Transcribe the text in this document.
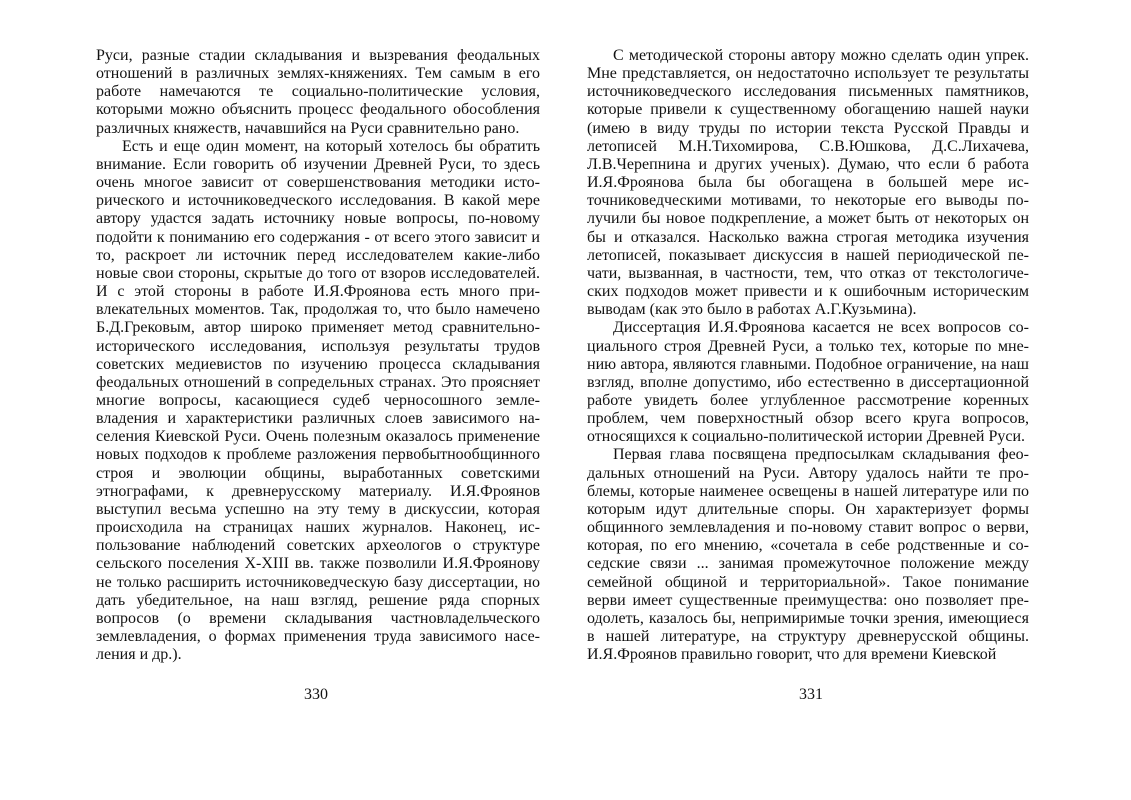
Руси, разные стадии складывания и вызревания феодальных отношений в различных землях-княжениях. Тем самым в его работе намечаются те социально-политические условия, которыми можно объяснить процесс феодального обособления различных княжеств, начавшийся на Руси сравнительно рано.

Есть и еще один момент, на который хотелось бы обратить внимание. Если говорить об изучении Древней Руси, то здесь очень многое зависит от совершенствования методики исторического и источниковедческого исследования. В какой мере автору удастся задать источнику новые вопросы, по-новому подойти к пониманию его содержания - от всего этого зависит и то, раскроет ли источник перед исследователем какие-либо новые свои стороны, скрытые до того от взоров исследователей. И с этой стороны в работе И.Я.Фроянова есть много привлекательных моментов. Так, продолжая то, что было намечено Б.Д.Грековым, автор широко применяет метод сравнительно-исторического исследования, используя результаты трудов советских медиевистов по изучению процесса складывания феодальных отношений в сопредельных странах. Это проясняет многие вопросы, касающиеся судеб черносошного землевладения и характеристики различных слоев зависимого населения Киевской Руси. Очень полезным оказалось применение новых подходов к проблеме разложения первобытнообщинного строя и эволюции общины, выработанных советскими этнографами, к древнерусскому материалу. И.Я.Фроянов выступил весьма успешно на эту тему в дискуссии, которая происходила на страницах наших журналов. Наконец, использование наблюдений советских археологов о структуре сельского поселения X-XIII вв. также позволили И.Я.Фроянову не только расширить источниковедческую базу диссертации, но дать убедительное, на наш взгляд, решение ряда спорных вопросов (о времени складывания частновладельческого землевладения, о формах применения труда зависимого населения и др.).

330

С методической стороны автору можно сделать один упрек. Мне представляется, он недостаточно использует те результаты источниковедческого исследования письменных памятников, которые привели к существенному обогащению нашей науки (имею в виду труды по истории текста Русской Правды и летописей М.Н.Тихомирова, С.В.Юшкова, Д.С.Лихачева, Л.В.Черепнина и других ученых). Думаю, что если б работа И.Я.Фроянова была бы обогащена в большей мере источниковедческими мотивами, то некоторые его выводы получили бы новое подкрепление, а может быть от некоторых он бы и отказался. Насколько важна строгая методика изучения летописей, показывает дискуссия в нашей периодической печати, вызванная, в частности, тем, что отказ от текстологических подходов может привести и к ошибочным историческим выводам (как это было в работах А.Г.Кузьмина).

Диссертация И.Я.Фроянова касается не всех вопросов социального строя Древней Руси, а только тех, которые по мнению автора, являются главными. Подобное ограничение, на наш взгляд, вполне допустимо, ибо естественно в диссертационной работе увидеть более углубленное рассмотрение коренных проблем, чем поверхностный обзор всего круга вопросов, относящихся к социально-политической истории Древней Руси.

Первая глава посвящена предпосылкам складывания феодальных отношений на Руси. Автору удалось найти те проблемы, которые наименее освещены в нашей литературе или по которым идут длительные споры. Он характеризует формы общинного землевладения и по-новому ставит вопрос о верви, которая, по его мнению, «сочетала в себе родственные и соседские связи ... занимая промежуточное положение между семейной общиной и территориальной». Такое понимание верви имеет существенные преимущества: оно позволяет преодолеть, казалось бы, непримиримые точки зрения, имеющиеся в нашей литературе, на структуру древнерусской общины. И.Я.Фроянов правильно говорит, что для времени Киевской

331
